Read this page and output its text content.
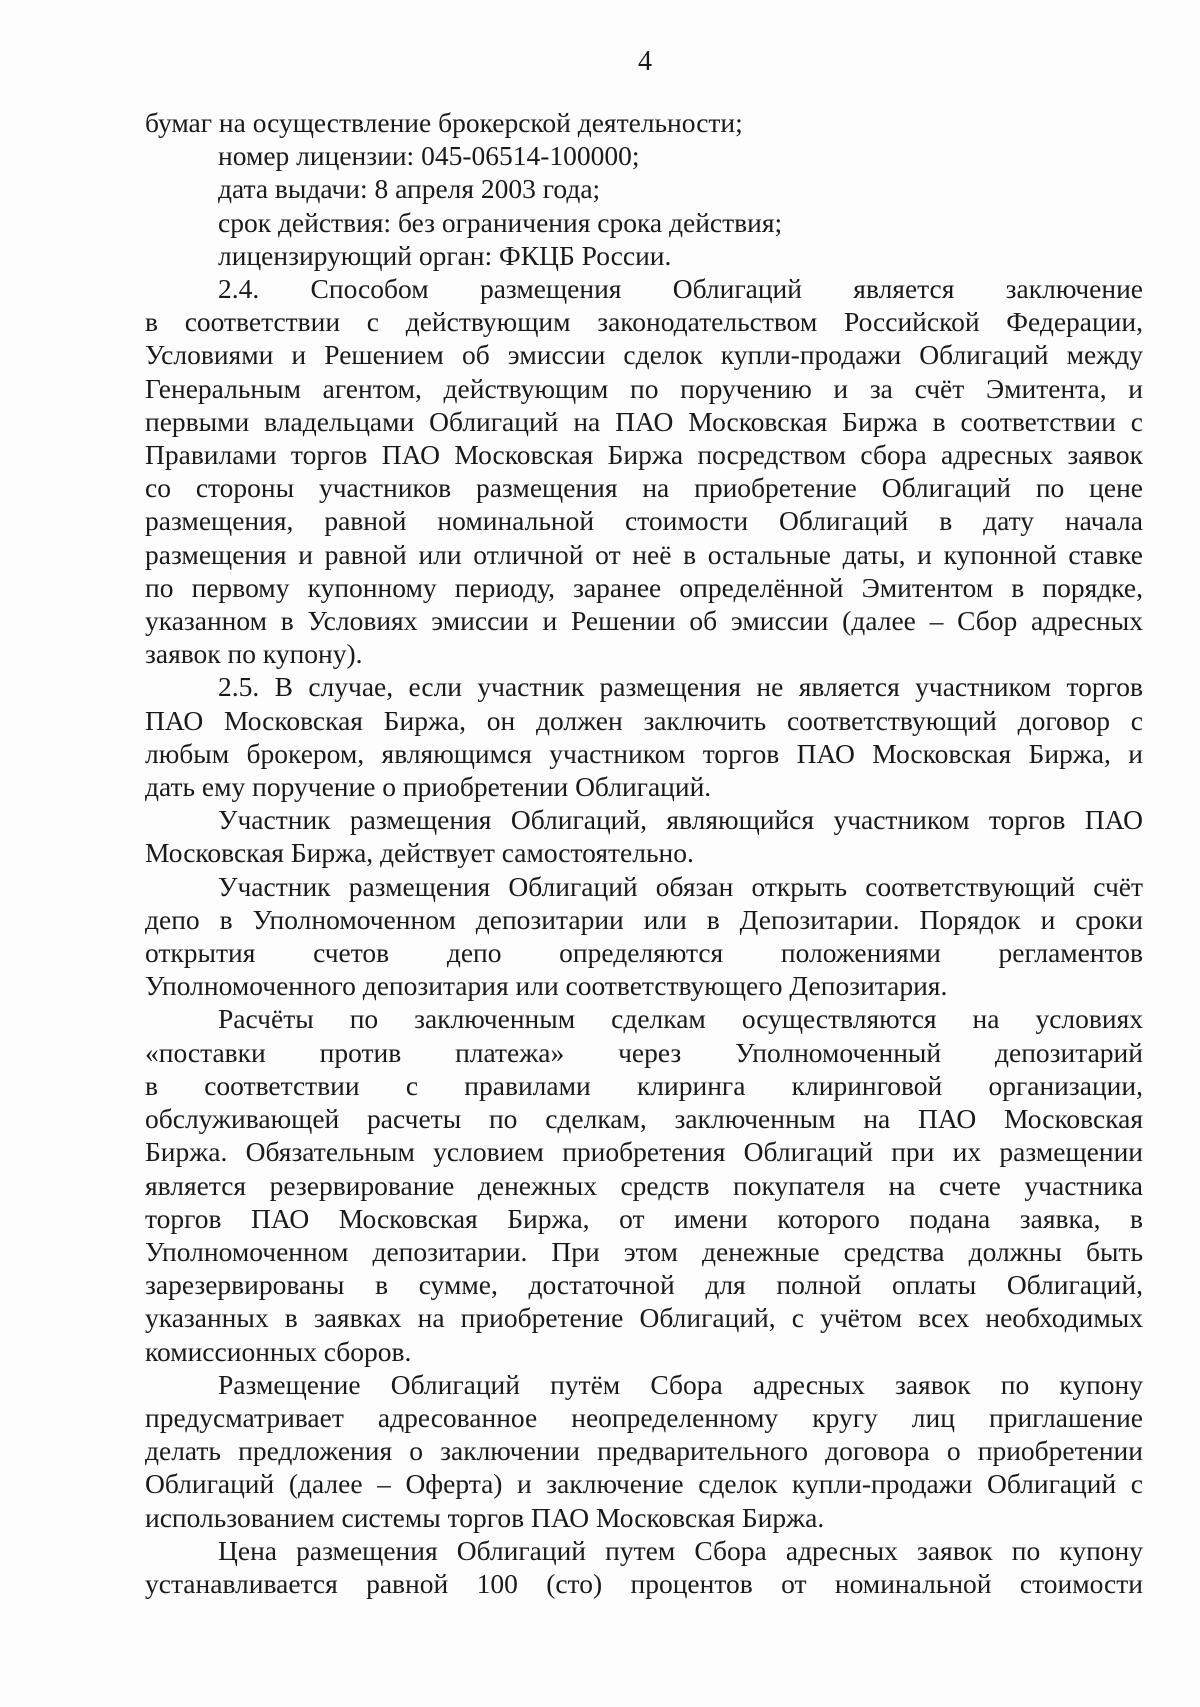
4
бумаг на осуществление брокерской деятельности;
номер лицензии: 045-06514-100000;
дата выдачи: 8 апреля 2003 года;
срок действия: без ограничения срока действия;
лицензирующий орган: ФКЦБ России.
2.4. Способом размещения Облигаций является заключение
в соответствии с действующим законодательством Российской Федерации,
Условиями и Решением об эмиссии сделок купли-продажи Облигаций между
Генеральным агентом, действующим по поручению и за счёт Эмитента, и
первыми владельцами Облигаций на ПАО Московская Биржа в соответствии с
Правилами торгов ПАО Московская Биржа посредством сбора адресных заявок
со стороны участников размещения на приобретение Облигаций по цене
размещения, равной номинальной стоимости Облигаций в дату начала
размещения и равной или отличной от неё в остальные даты, и купонной ставке
по первому купонному периоду, заранее определённой Эмитентом в порядке,
указанном в Условиях эмиссии и Решении об эмиссии (далее – Сбор адресных
заявок по купону).
2.5. В случае, если участник размещения не является участником торгов
ПАО Московская Биржа, он должен заключить соответствующий договор с
любым брокером, являющимся участником торгов ПАО Московская Биржа, и
дать ему поручение о приобретении Облигаций.
Участник размещения Облигаций, являющийся участником торгов ПАО
Московская Биржа, действует самостоятельно.
Участник размещения Облигаций обязан открыть соответствующий счёт
депо в Уполномоченном депозитарии или в Депозитарии. Порядок и сроки
открытия счетов депо определяются положениями регламентов
Уполномоченного депозитария или соответствующего Депозитария.
Расчёты по заключенным сделкам осуществляются на условиях
«поставки против платежа» через Уполномоченный депозитарий
в соответствии с правилами клиринга клиринговой организации,
обслуживающей расчеты по сделкам, заключенным на ПАО Московская
Биржа. Обязательным условием приобретения Облигаций при их размещении
является резервирование денежных средств покупателя на счете участника
торгов ПАО Московская Биржа, от имени которого подана заявка, в
Уполномоченном депозитарии. При этом денежные средства должны быть
зарезервированы в сумме, достаточной для полной оплаты Облигаций,
указанных в заявках на приобретение Облигаций, с учётом всех необходимых
комиссионных сборов.
Размещение Облигаций путём Сбора адресных заявок по купону
предусматривает адресованное неопределенному кругу лиц приглашение
делать предложения о заключении предварительного договора о приобретении
Облигаций (далее – Оферта) и заключение сделок купли-продажи Облигаций с
использованием системы торгов ПАО Московская Биржа.
Цена размещения Облигаций путем Сбора адресных заявок по купону
устанавливается равной 100 (сто) процентов от номинальной стоимости
